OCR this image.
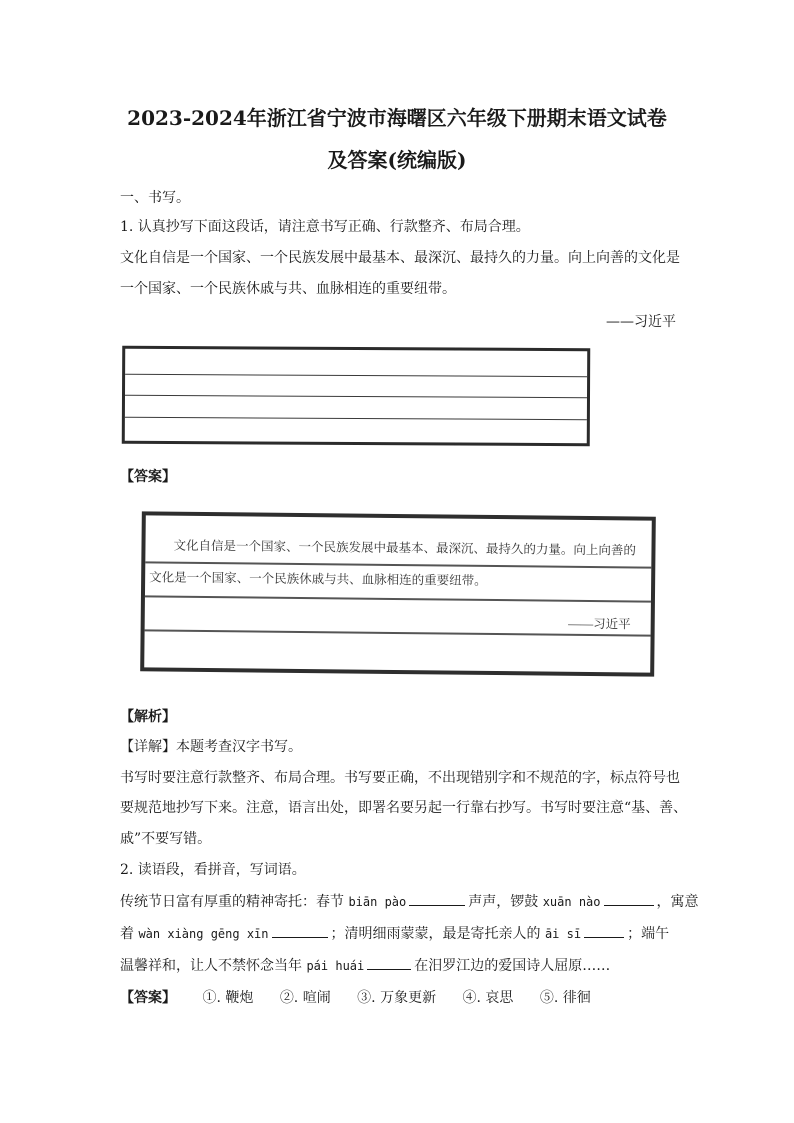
2023-2024年浙江省宁波市海曙区六年级下册期末语文试卷
及答案(统编版)
一、书写。
1. 认真抄写下面这段话，请注意书写正确、行款整齐、布局合理。
文化自信是一个国家、一个民族发展中最基本、最深沉、最持久的力量。向上向善的文化是
一个国家、一个民族休戚与共、血脉相连的重要纽带。
——习近平
【答案】
文化自信是一个国家、一个民族发展中最基本、最深沉、最持久的力量。向上向善的
文化是一个国家、一个民族休戚与共、血脉相连的重要纽带。
——习近平
【解析】
【详解】本题考查汉字书写。
书写时要注意行款整齐、布局合理。书写要正确，不出现错别字和不规范的字，标点符号也
要规范地抄写下来。注意，语言出处，即署名要另起一行靠右抄写。书写时要注意“基、善、
戚”不要写错。
2. 读语段，看拼音，写词语。
传统节日富有厚重的精神寄托：春节 biān pào	声声，锣鼓 xuān nào	，寓意
着 wàn xiàng gēng xīn	；清明细雨蒙蒙，最是寄托亲人的 āi sī	；端午
温馨祥和，让人不禁怀念当年 pái huái	在汨罗江边的爱国诗人屈原……
【答案】 ①. 鞭炮 ②. 喧闹 ③. 万象更新 ④. 哀思 ⑤. 徘徊
